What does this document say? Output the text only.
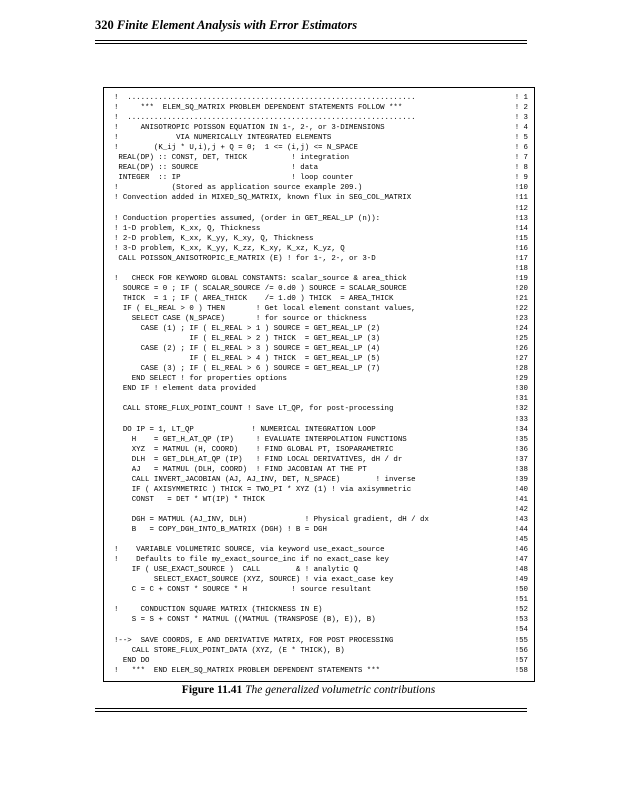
320 Finite Element Analysis with Error Estimators
!  .................................................................	! 1
!     ***  ELEM_SQ_MATRIX PROBLEM DEPENDENT STATEMENTS FOLLOW ***	! 2
!  .................................................................	! 3
!     ANISOTROPIC POISSON EQUATION IN 1-, 2-, or 3-DIMENSIONS	! 4
!             VIA NUMERICALLY INTEGRATED ELEMENTS	! 5
!        (K_ij * U,i),j + Q = 0;  1 <= (i,j) <= N_SPACE	! 6
REAL(DP) :: CONST, DET, THICK          ! integration	! 7
REAL(DP) :: SOURCE                     ! data	! 8
INTEGER  :: IP                         ! loop counter	! 9
!            (Stored as application source example 209.)	!10
! Convection added in MIXED_SQ_MATRIX, known flux in SEG_COL_MATRIX	!11
!12
! Conduction properties assumed, (order in GET_REAL_LP (n)):	!13
! 1-D problem, K_xx, Q, Thickness	!14
! 2-D problem, K_xx, K_yy, K_xy, Q, Thickness	!15
! 3-D problem, K_xx, K_yy, K_zz, K_xy, K_xz, K_yz, Q	!16
CALL POISSON_ANISOTROPIC_E_MATRIX (E) ! for 1-, 2-, or 3-D	!17
!18
!   CHECK FOR KEYWORD GLOBAL CONSTANTS: scalar_source & area_thick	!19
SOURCE = 0 ; IF ( SCALAR_SOURCE /= 0.d0 ) SOURCE = SCALAR_SOURCE	!20
THICK  = 1 ; IF ( AREA_THICK    /= 1.d0 ) THICK  = AREA_THICK	!21
IF ( EL_REAL > 0 ) THEN       ! Get local element constant values,	!22
SELECT CASE (N_SPACE)       ! for source or thickness	!23
CASE (1) ; IF ( EL_REAL > 1 ) SOURCE = GET_REAL_LP (2)	!24
IF ( EL_REAL > 2 ) THICK  = GET_REAL_LP (3)	!25
CASE (2) ; IF ( EL_REAL > 3 ) SOURCE = GET_REAL_LP (4)	!26
IF ( EL_REAL > 4 ) THICK  = GET_REAL_LP (5)	!27
CASE (3) ; IF ( EL_REAL > 6 ) SOURCE = GET_REAL_LP (7)	!28
END SELECT ! for properties options	!29
END IF ! element data provided	!30
!31
CALL STORE_FLUX_POINT_COUNT ! Save LT_QP, for post-processing	!32
!33
DO IP = 1, LT_QP             ! NUMERICAL INTEGRATION LOOP	!34
H    = GET_H_AT_QP (IP)     ! EVALUATE INTERPOLATION FUNCTIONS	!35
XYZ  = MATMUL (H, COORD)    ! FIND GLOBAL PT, ISOPARAMETRIC	!36
DLH  = GET_DLH_AT_QP (IP)   ! FIND LOCAL DERIVATIVES, dH / dr	!37
AJ   = MATMUL (DLH, COORD)  ! FIND JACOBIAN AT THE PT	!38
CALL INVERT_JACOBIAN (AJ, AJ_INV, DET, N_SPACE)        ! inverse	!39
IF ( AXISYMMETRIC ) THICK = TWO_PI * XYZ (1) ! via axisymmetric	!40
CONST   = DET * WT(IP) * THICK	!41
!42
DGH = MATMUL (AJ_INV, DLH)             ! Physical gradient, dH / dx	!43
B   = COPY_DGH_INTO_B_MATRIX (DGH) ! B = DGH	!44
!45
!    VARIABLE VOLUMETRIC SOURCE, via keyword use_exact_source	!46
!    Defaults to file my_exact_source_inc if no exact_case key	!47
IF ( USE_EXACT_SOURCE )  CALL        & ! analytic Q	!48
SELECT_EXACT_SOURCE (XYZ, SOURCE) ! via exact_case key	!49
C = C + CONST * SOURCE * H          ! source resultant	!50
!51
!     CONDUCTION SQUARE MATRIX (THICKNESS IN E)	!52
S = S + CONST * MATMUL ((MATMUL (TRANSPOSE (B), E)), B)	!53
!54
!-->  SAVE COORDS, E AND DERIVATIVE MATRIX, FOR POST PROCESSING	!55
CALL STORE_FLUX_POINT_DATA (XYZ, (E * THICK), B)	!56
END DO	!57
!   ***  END ELEM_SQ_MATRIX PROBLEM DEPENDENT STATEMENTS ***	!58
Figure 11.41 The generalized volumetric contributions
